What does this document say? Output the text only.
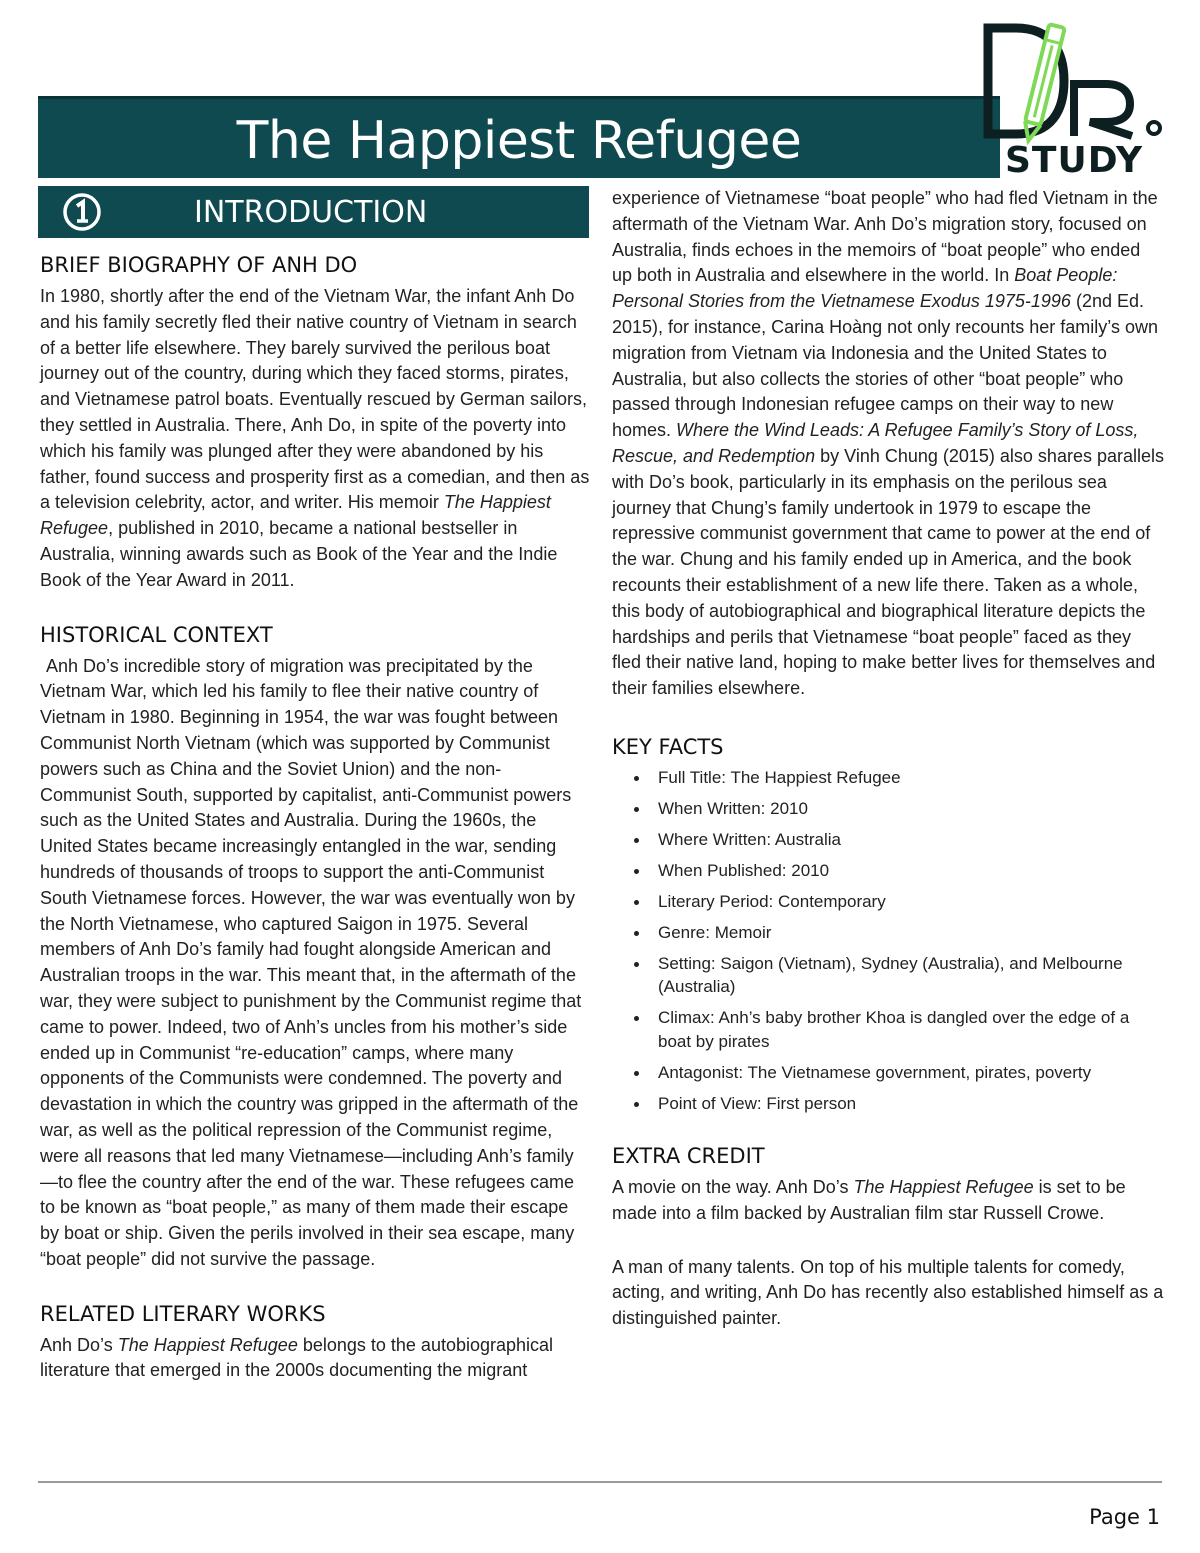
The Happiest Refugee	STUDY
INTRODUCTION
BRIEF BIOGRAPHY OF ANH DO

In 1980, shortly after the end of the Vietnam War, the infant Anh Do and his family secretly fled their native country of Vietnam in search of a better life elsewhere. They barely survived the perilous boat journey out of the country, during which they faced storms, pirates, and Vietnamese patrol boats. Eventually rescued by German sailors, they settled in Australia. There, Anh Do, in spite of the poverty into which his family was plunged after they were abandoned by his father, found success and prosperity first as a comedian, and then as a television celebrity, actor, and writer. His memoir The Happiest Refugee, published in 2010, became a national bestseller in Australia, winning awards such as Book of the Year and the Indie Book of the Year Award in 2011.

HISTORICAL CONTEXT

Anh Do’s incredible story of migration was precipitated by the Vietnam War, which led his family to flee their native country of Vietnam in 1980. Beginning in 1954, the war was fought between Communist North Vietnam (which was supported by Communist powers such as China and the Soviet Union) and the non-Communist South, supported by capitalist, anti-Communist powers such as the United States and Australia. During the 1960s, the United States became increasingly entangled in the war, sending hundreds of thousands of troops to support the anti-Communist South Vietnamese forces. However, the war was eventually won by the North Vietnamese, who captured Saigon in 1975. Several members of Anh Do’s family had fought alongside American and Australian troops in the war. This meant that, in the aftermath of the war, they were subject to punishment by the Communist regime that came to power. Indeed, two of Anh’s uncles from his mother’s side ended up in Communist “re-education” camps, where many opponents of the Communists were condemned. The poverty and devastation in which the country was gripped in the aftermath of the war, as well as the political repression of the Communist regime, were all reasons that led many Vietnamese—including Anh’s family—to flee the country after the end of the war. These refugees came to be known as “boat people,” as many of them made their escape by boat or ship. Given the perils involved in their sea escape, many “boat people” did not survive the passage.

RELATED LITERARY WORKS

Anh Do’s The Happiest Refugee belongs to the autobiographical literature that emerged in the 2000s documenting the migrant

experience of Vietnamese “boat people” who had fled Vietnam in the aftermath of the Vietnam War. Anh Do’s migration story, focused on Australia, finds echoes in the memoirs of “boat people” who ended up both in Australia and elsewhere in the world. In Boat People: Personal Stories from the Vietnamese Exodus 1975-1996 (2nd Ed. 2015), for instance, Carina Hoàng not only recounts her family’s own migration from Vietnam via Indonesia and the United States to Australia, but also collects the stories of other “boat people” who passed through Indonesian refugee camps on their way to new homes. Where the Wind Leads: A Refugee Family’s Story of Loss, Rescue, and Redemption by Vinh Chung (2015) also shares parallels with Do’s book, particularly in its emphasis on the perilous sea journey that Chung’s family undertook in 1979 to escape the repressive communist government that came to power at the end of the war. Chung and his family ended up in America, and the book recounts their establishment of a new life there. Taken as a whole, this body of autobiographical and biographical literature depicts the hardships and perils that Vietnamese “boat people” faced as they fled their native land, hoping to make better lives for themselves and their families elsewhere.

KEY FACTS
Full Title: The Happiest Refugee
When Written: 2010
Where Written: Australia
When Published: 2010
Literary Period: Contemporary
Genre: Memoir
Setting: Saigon (Vietnam), Sydney (Australia), and Melbourne (Australia)
Climax: Anh’s baby brother Khoa is dangled over the edge of a boat by pirates
Antagonist: The Vietnamese government, pirates, poverty
Point of View: First person
EXTRA CREDIT

A movie on the way. Anh Do’s The Happiest Refugee is set to be made into a film backed by Australian film star Russell Crowe.

A man of many talents. On top of his multiple talents for comedy, acting, and writing, Anh Do has recently also established himself as a distinguished painter.

Page 1
